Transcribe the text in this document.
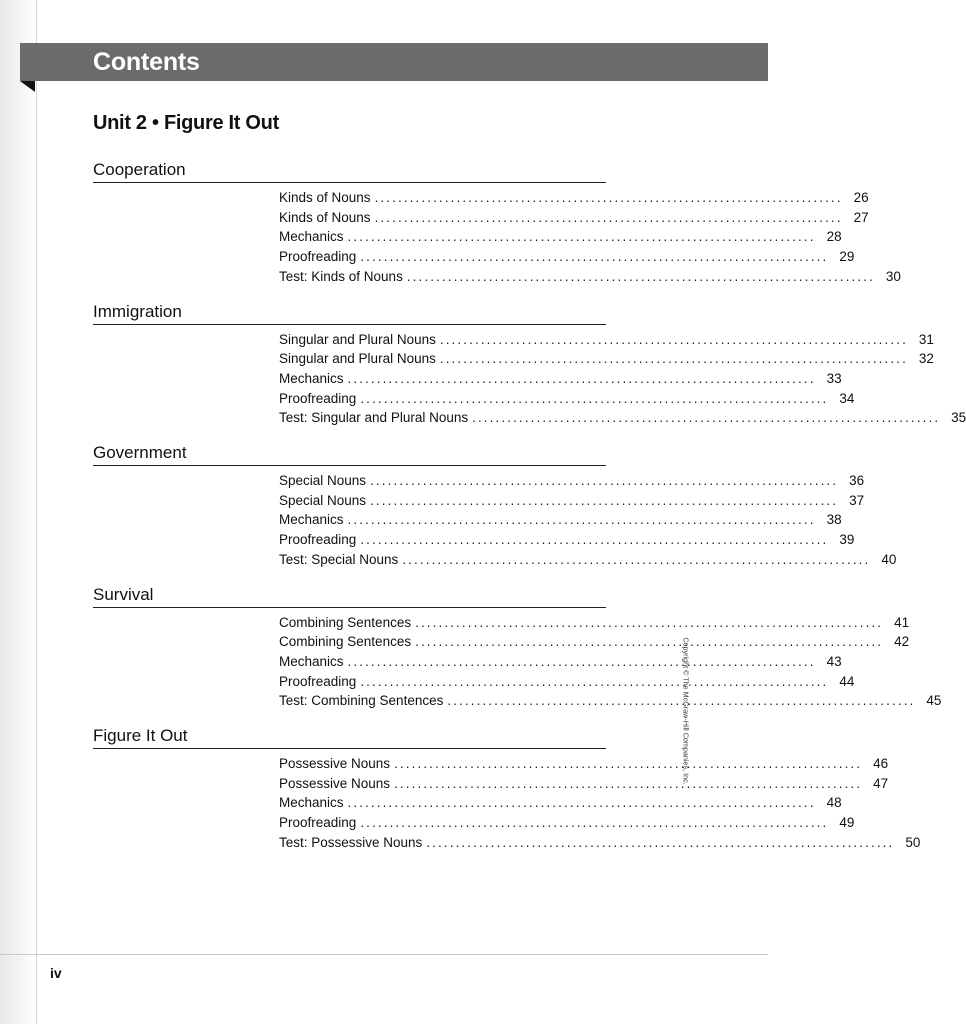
Contents
Unit 2 • Figure It Out
Cooperation
Kinds of Nouns ................................................................................ 26
Kinds of Nouns ................................................................................ 27
Mechanics ................................................................................ 28
Proofreading ................................................................................ 29
Test: Kinds of Nouns ................................................................................ 30
Immigration
Singular and Plural Nouns ................................................................................ 31
Singular and Plural Nouns ................................................................................ 32
Mechanics ................................................................................ 33
Proofreading ................................................................................ 34
Test: Singular and Plural Nouns ................................................................................ 35
Government
Special Nouns ................................................................................ 36
Special Nouns ................................................................................ 37
Mechanics ................................................................................ 38
Proofreading ................................................................................ 39
Test: Special Nouns ................................................................................ 40
Survival
Combining Sentences ................................................................................ 41
Combining Sentences ................................................................................ 42
Mechanics ................................................................................ 43
Proofreading ................................................................................ 44
Test: Combining Sentences ................................................................................ 45
Figure It Out
Possessive Nouns ................................................................................ 46
Possessive Nouns ................................................................................ 47
Mechanics ................................................................................ 48
Proofreading ................................................................................ 49
Test: Possessive Nouns ................................................................................ 50
Copyright © The McGraw-Hill Companies, Inc.
iv
